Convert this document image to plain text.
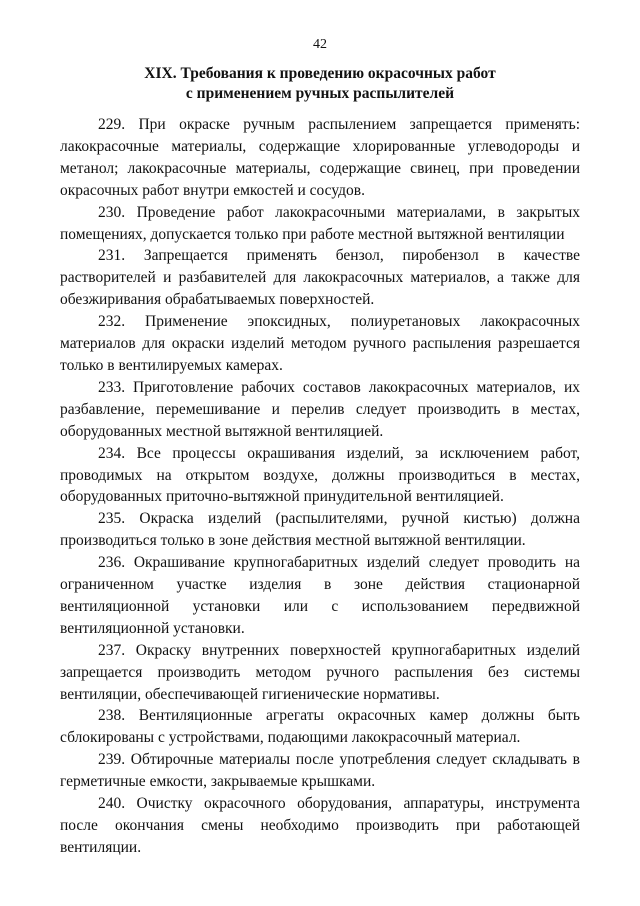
42
XIX. Требования к проведению окрасочных работ
с применением ручных распылителей

229. При окраске ручным распылением запрещается применять: лакокрасочные материалы, содержащие хлорированные углеводороды и метанол; лакокрасочные материалы, содержащие свинец, при проведении окрасочных работ внутри емкостей и сосудов.

230. Проведение работ лакокрасочными материалами, в закрытых помещениях, допускается только при работе местной вытяжной вентиляции

231. Запрещается применять бензол, пиробензол в качестве растворителей и разбавителей для лакокрасочных материалов, а также для обезжиривания обрабатываемых поверхностей.

232. Применение эпоксидных, полиуретановых лакокрасочных материалов для окраски изделий методом ручного распыления разрешается только в вентилируемых камерах.

233. Приготовление рабочих составов лакокрасочных материалов, их разбавление, перемешивание и перелив следует производить в местах, оборудованных местной вытяжной вентиляцией.

234. Все процессы окрашивания изделий, за исключением работ, проводимых на открытом воздухе, должны производиться в местах, оборудованных приточно-вытяжной принудительной вентиляцией.

235. Окраска изделий (распылителями, ручной кистью) должна производиться только в зоне действия местной вытяжной вентиляции.

236. Окрашивание крупногабаритных изделий следует проводить на ограниченном участке изделия в зоне действия стационарной вентиляционной установки или с использованием передвижной вентиляционной установки.

237. Окраску внутренних поверхностей крупногабаритных изделий запрещается производить методом ручного распыления без системы вентиляции, обеспечивающей гигиенические нормативы.

238. Вентиляционные агрегаты окрасочных камер должны быть сблокированы с устройствами, подающими лакокрасочный материал.

239. Обтирочные материалы после употребления следует складывать в герметичные емкости, закрываемые крышками.

240. Очистку окрасочного оборудования, аппаратуры, инструмента после окончания смены необходимо производить при работающей вентиляции.
